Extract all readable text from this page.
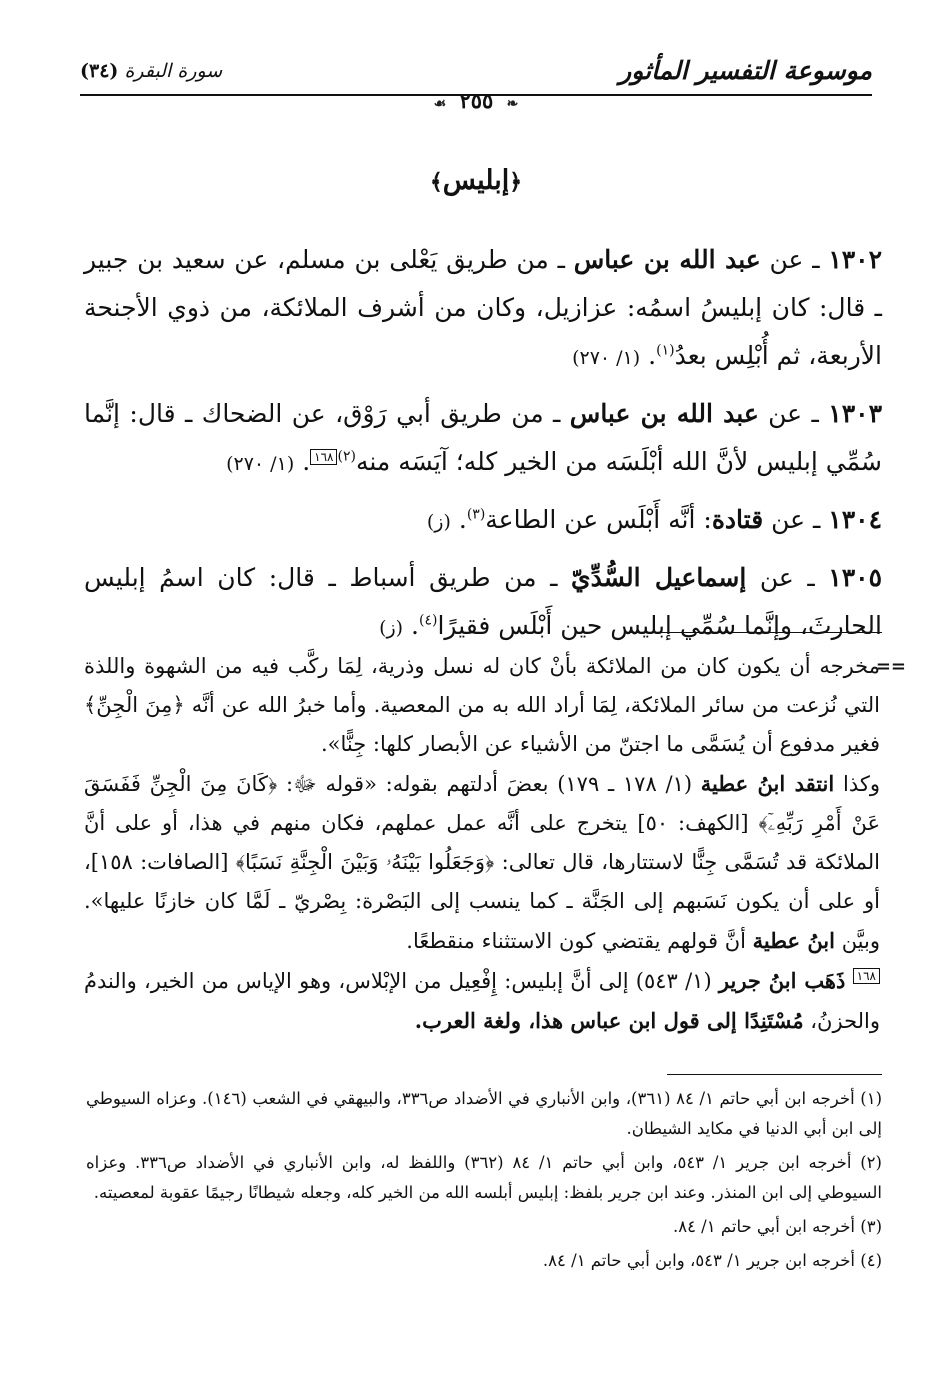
موسوعة التفسير المأثور
سورة البقرة (٣٤)
❧ ٢٥٥ ☙
﴿إبليس﴾

١٣٠٢ ـ عن عبد الله بن عباس ـ من طريق يَعْلى بن مسلم، عن سعيد بن جبير ـ قال: كان إبليسُ اسمُه: عزازيل، وكان من أشرف الملائكة، من ذوي الأجنحة الأربعة، ثم أُبْلِس بعدُ$^{(١)}$. (١/ ٢٧٠)

١٣٠٣ ـ عن عبد الله بن عباس ـ من طريق أبي رَوْق، عن الضحاك ـ قال: إنَّما سُمِّي إبليس لأنَّ الله أبْلَسَه من الخير كله؛ آيَسَه منه$^{(٢)}$١٦٨. (١/ ٢٧٠)

١٣٠٤ ـ عن قتادة: أنَّه أَبْلَس عن الطاعة$^{(٣)}$. (ز)

١٣٠٥ ـ عن إسماعيل السُّدِّيّ ـ من طريق أسباط ـ قال: كان اسمُ إبليس الحارثَ، وإنَّما سُمِّي إبليس حين أَبْلَس فقيرًا$^{(٤)}$. (ز)

==

مخرجه أن يكون كان من الملائكة بأنْ كان له نسل وذرية، لِمَا ركَّب فيه من الشهوة واللذة التي نُزعت من سائر الملائكة، لِمَا أراد الله به من المعصية. وأما خبرُ الله عن أنَّه ﴿مِنَ الْجِنِّ﴾ فغير مدفوع أن يُسَمَّى ما اجتنّ من الأشياء عن الأبصار كلها: جِنًّا».

وكذا انتقد ابنُ عطية (١/ ١٧٨ ـ ١٧٩) بعضَ أدلتهم بقوله: «قوله ﷻ: ﴿كَانَ مِنَ الْجِنِّ فَفَسَقَ عَنْ أَمْرِ رَبِّهِۦٓ﴾ [الكهف: ٥٠] يتخرج على أنَّه عمل عملهم، فكان منهم في هذا، أو على أنَّ الملائكة قد تُسَمَّى جِنًّا لاستتارها، قال تعالى: ﴿وَجَعَلُوا بَيْنَهُۥ وَبَيْنَ الْجِنَّةِ نَسَبًا﴾ [الصافات: ١٥٨]، أو على أن يكون نَسَبهم إلى الجَنَّة ـ كما ينسب إلى البَصْرة: بِصْريّ ـ لَمَّا كان خازنًا عليها». وبيَّن ابنُ عطية أنَّ قولهم يقتضي كون الاستثناء منقطعًا.

١٦٨ ذَهَب ابنُ جرير (١/ ٥٤٣) إلى أنَّ إبليس: إِفْعِيل من الإبْلاس، وهو الإياس من الخير، والندمُ والحزنُ، مُسْتَنِدًا إلى قول ابن عباس هذا، ولغة العرب.

(١) أخرجه ابن أبي حاتم ١/ ٨٤ (٣٦١)، وابن الأنباري في الأضداد ص٣٣٦، والبيهقي في الشعب (١٤٦). وعزاه السيوطي إلى ابن أبي الدنيا في مكايد الشيطان.

(٢) أخرجه ابن جرير ١/ ٥٤٣، وابن أبي حاتم ١/ ٨٤ (٣٦٢) واللفظ له، وابن الأنباري في الأضداد ص٣٣٦. وعزاه السيوطي إلى ابن المنذر. وعند ابن جرير بلفظ: إبليس أبلسه الله من الخير كله، وجعله شيطانًا رجيمًا عقوبة لمعصيته.

(٣) أخرجه ابن أبي حاتم ١/ ٨٤.

(٤) أخرجه ابن جرير ١/ ٥٤٣، وابن أبي حاتم ١/ ٨٤.
